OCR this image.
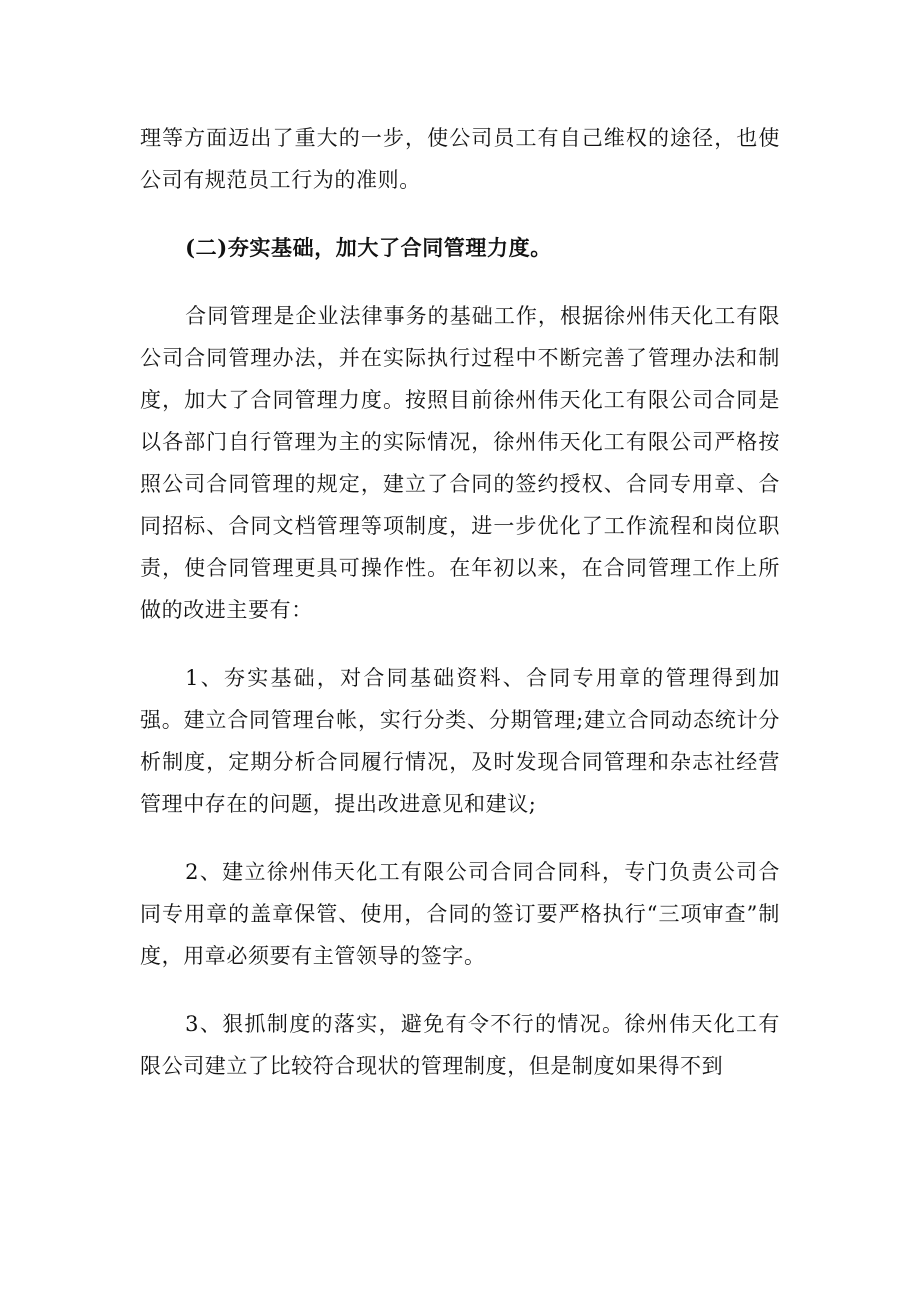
理等方面迈出了重大的一步，使公司员工有自己维权的途径，也使公司有规范员工行为的准则。

(二)夯实基础，加大了合同管理力度。

合同管理是企业法律事务的基础工作，根据徐州伟天化工有限公司合同管理办法，并在实际执行过程中不断完善了管理办法和制度，加大了合同管理力度。按照目前徐州伟天化工有限公司合同是以各部门自行管理为主的实际情况，徐州伟天化工有限公司严格按照公司合同管理的规定，建立了合同的签约授权、合同专用章、合同招标、合同文档管理等项制度，进一步优化了工作流程和岗位职责，使合同管理更具可操作性。在年初以来，在合同管理工作上所做的改进主要有：

1、夯实基础，对合同基础资料、合同专用章的管理得到加强。建立合同管理台帐，实行分类、分期管理;建立合同动态统计分析制度，定期分析合同履行情况，及时发现合同管理和杂志社经营管理中存在的问题，提出改进意见和建议;

2、建立徐州伟天化工有限公司合同合同科，专门负责公司合同专用章的盖章保管、使用，合同的签订要严格执行“三项审查”制度，用章必须要有主管领导的签字。

3、狠抓制度的落实，避免有令不行的情况。徐州伟天化工有限公司建立了比较符合现状的管理制度，但是制度如果得不到
